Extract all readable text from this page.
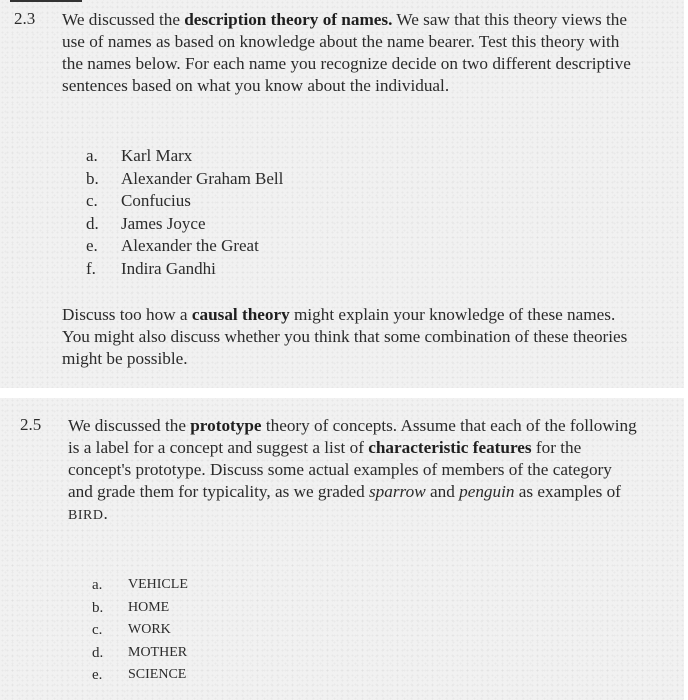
2.3 We discussed the description theory of names. We saw that this theory views the use of names as based on knowledge about the name bearer. Test this theory with the names below. For each name you recognize decide on two different descriptive sentences based on what you know about the individual.

a.	Karl Marx
b.	Alexander Graham Bell
c.	Confucius
d.	James Joyce
e.	Alexander the Great
f.	Indira Gandhi

Discuss too how a causal theory might explain your knowledge of these names. You might also discuss whether you think that some combination of these theories might be possible.

2.5 We discussed the prototype theory of concepts. Assume that each of the following is a label for a concept and suggest a list of characteristic features for the concept's prototype. Discuss some actual examples of members of the category and grade them for typicality, as we graded sparrow and penguin as examples of BIRD.

a.	VEHICLE
b.	HOME
c.	WORK
d.	MOTHER
e.	SCIENCE
